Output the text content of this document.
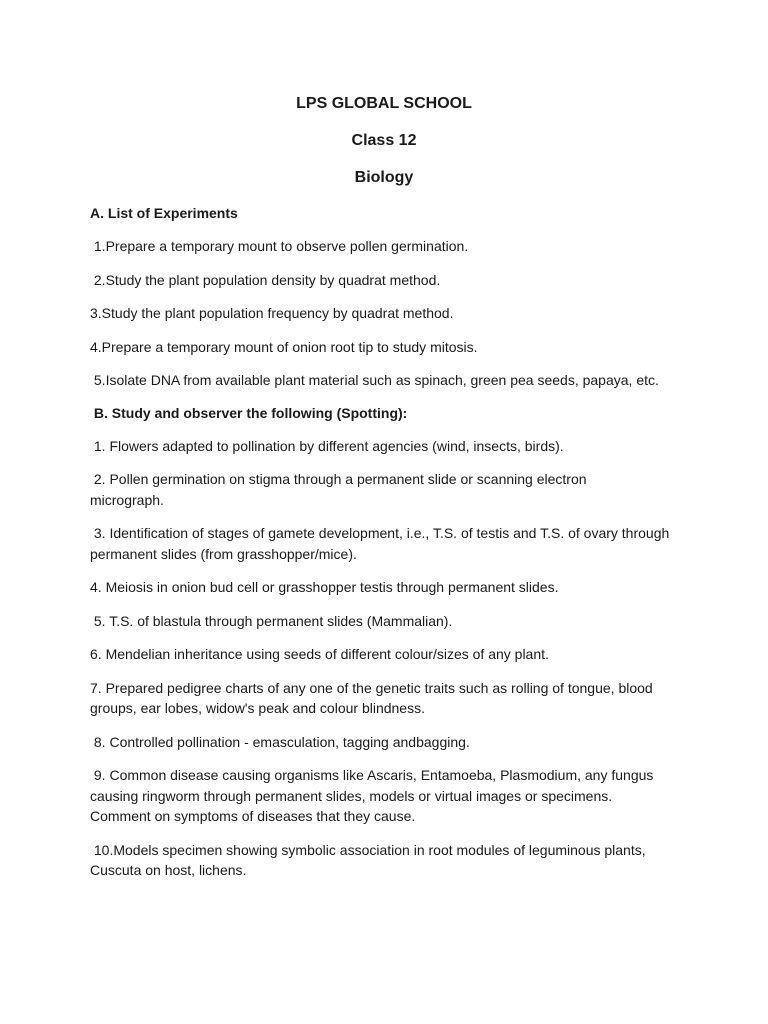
LPS GLOBAL SCHOOL

Class 12

Biology

A. List of Experiments

1.Prepare a temporary mount to observe pollen germination.

2.Study the plant population density by quadrat method.

3.Study the plant population frequency by quadrat method.

4.Prepare a temporary mount of onion root tip to study mitosis.

5.Isolate DNA from available plant material such as spinach, green pea seeds, papaya, etc.

B. Study and observer the following (Spotting):

1. Flowers adapted to pollination by different agencies (wind, insects, birds).

2. Pollen germination on stigma through a permanent slide or scanning electron micrograph.

3. Identification of stages of gamete development, i.e., T.S. of testis and T.S. of ovary through permanent slides (from grasshopper/mice).

4. Meiosis in onion bud cell or grasshopper testis through permanent slides.

5. T.S. of blastula through permanent slides (Mammalian).

6. Mendelian inheritance using seeds of different colour/sizes of any plant.

7. Prepared pedigree charts of any one of the genetic traits such as rolling of tongue, blood groups, ear lobes, widow's peak and colour blindness.

8. Controlled pollination - emasculation, tagging andbagging.

9. Common disease causing organisms like Ascaris, Entamoeba, Plasmodium, any fungus causing ringworm through permanent slides, models or virtual images or specimens. Comment on symptoms of diseases that they cause.

10.Models specimen showing symbolic association in root modules of leguminous plants, Cuscuta on host, lichens.
